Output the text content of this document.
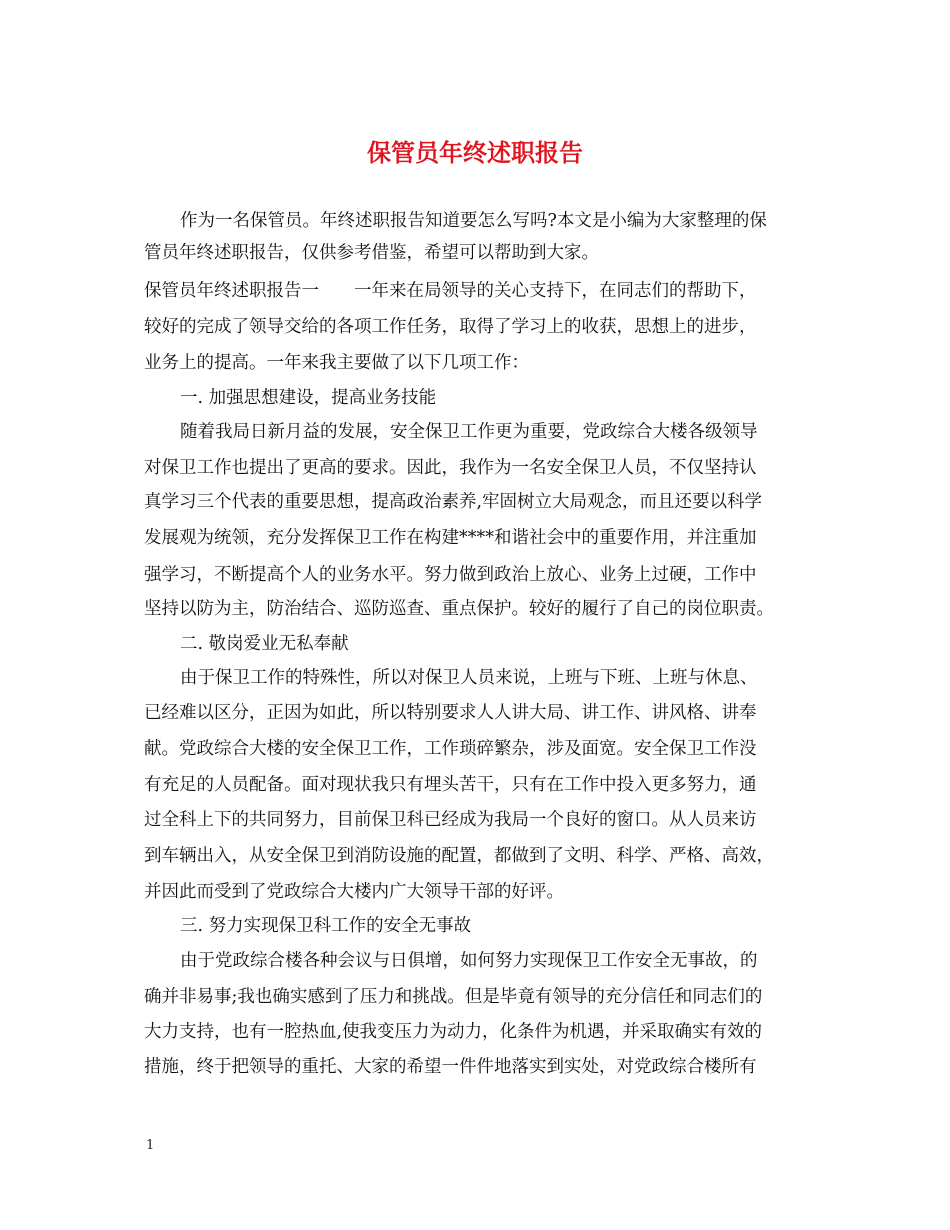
保管员年终述职报告
作为一名保管员。年终述职报告知道要怎么写吗?本文是小编为大家整理的保
管员年终述职报告，仅供参考借鉴，希望可以帮助到大家。
保管员年终述职报告一　　一年来在局领导的关心支持下，在同志们的帮助下，
较好的完成了领导交给的各项工作任务，取得了学习上的收获，思想上的进步，
业务上的提高。一年来我主要做了以下几项工作：
一. 加强思想建设，提高业务技能
随着我局日新月益的发展，安全保卫工作更为重要，党政综合大楼各级领导
对保卫工作也提出了更高的要求。因此，我作为一名安全保卫人员，不仅坚持认
真学习三个代表的重要思想，提高政治素养,牢固树立大局观念，而且还要以科学
发展观为统领，充分发挥保卫工作在构建****和谐社会中的重要作用，并注重加
强学习，不断提高个人的业务水平。努力做到政治上放心、业务上过硬，工作中
坚持以防为主，防治结合、巡防巡查、重点保护。较好的履行了自己的岗位职责。
二. 敬岗爱业无私奉献
由于保卫工作的特殊性，所以对保卫人员来说，上班与下班、上班与休息、
已经难以区分，正因为如此，所以特别要求人人讲大局、讲工作、讲风格、讲奉
献。党政综合大楼的安全保卫工作，工作琐碎繁杂，涉及面宽。安全保卫工作没
有充足的人员配备。面对现状我只有埋头苦干，只有在工作中投入更多努力，通
过全科上下的共同努力，目前保卫科已经成为我局一个良好的窗口。从人员来访
到车辆出入，从安全保卫到消防设施的配置，都做到了文明、科学、严格、高效，
并因此而受到了党政综合大楼内广大领导干部的好评。
三. 努力实现保卫科工作的安全无事故
由于党政综合楼各种会议与日俱增，如何努力实现保卫工作安全无事故，的
确并非易事;我也确实感到了压力和挑战。但是毕竟有领导的充分信任和同志们的
大力支持，也有一腔热血,使我变压力为动力，化条件为机遇，并采取确实有效的
措施，终于把领导的重托、大家的希望一件件地落实到实处，对党政综合楼所有
1
